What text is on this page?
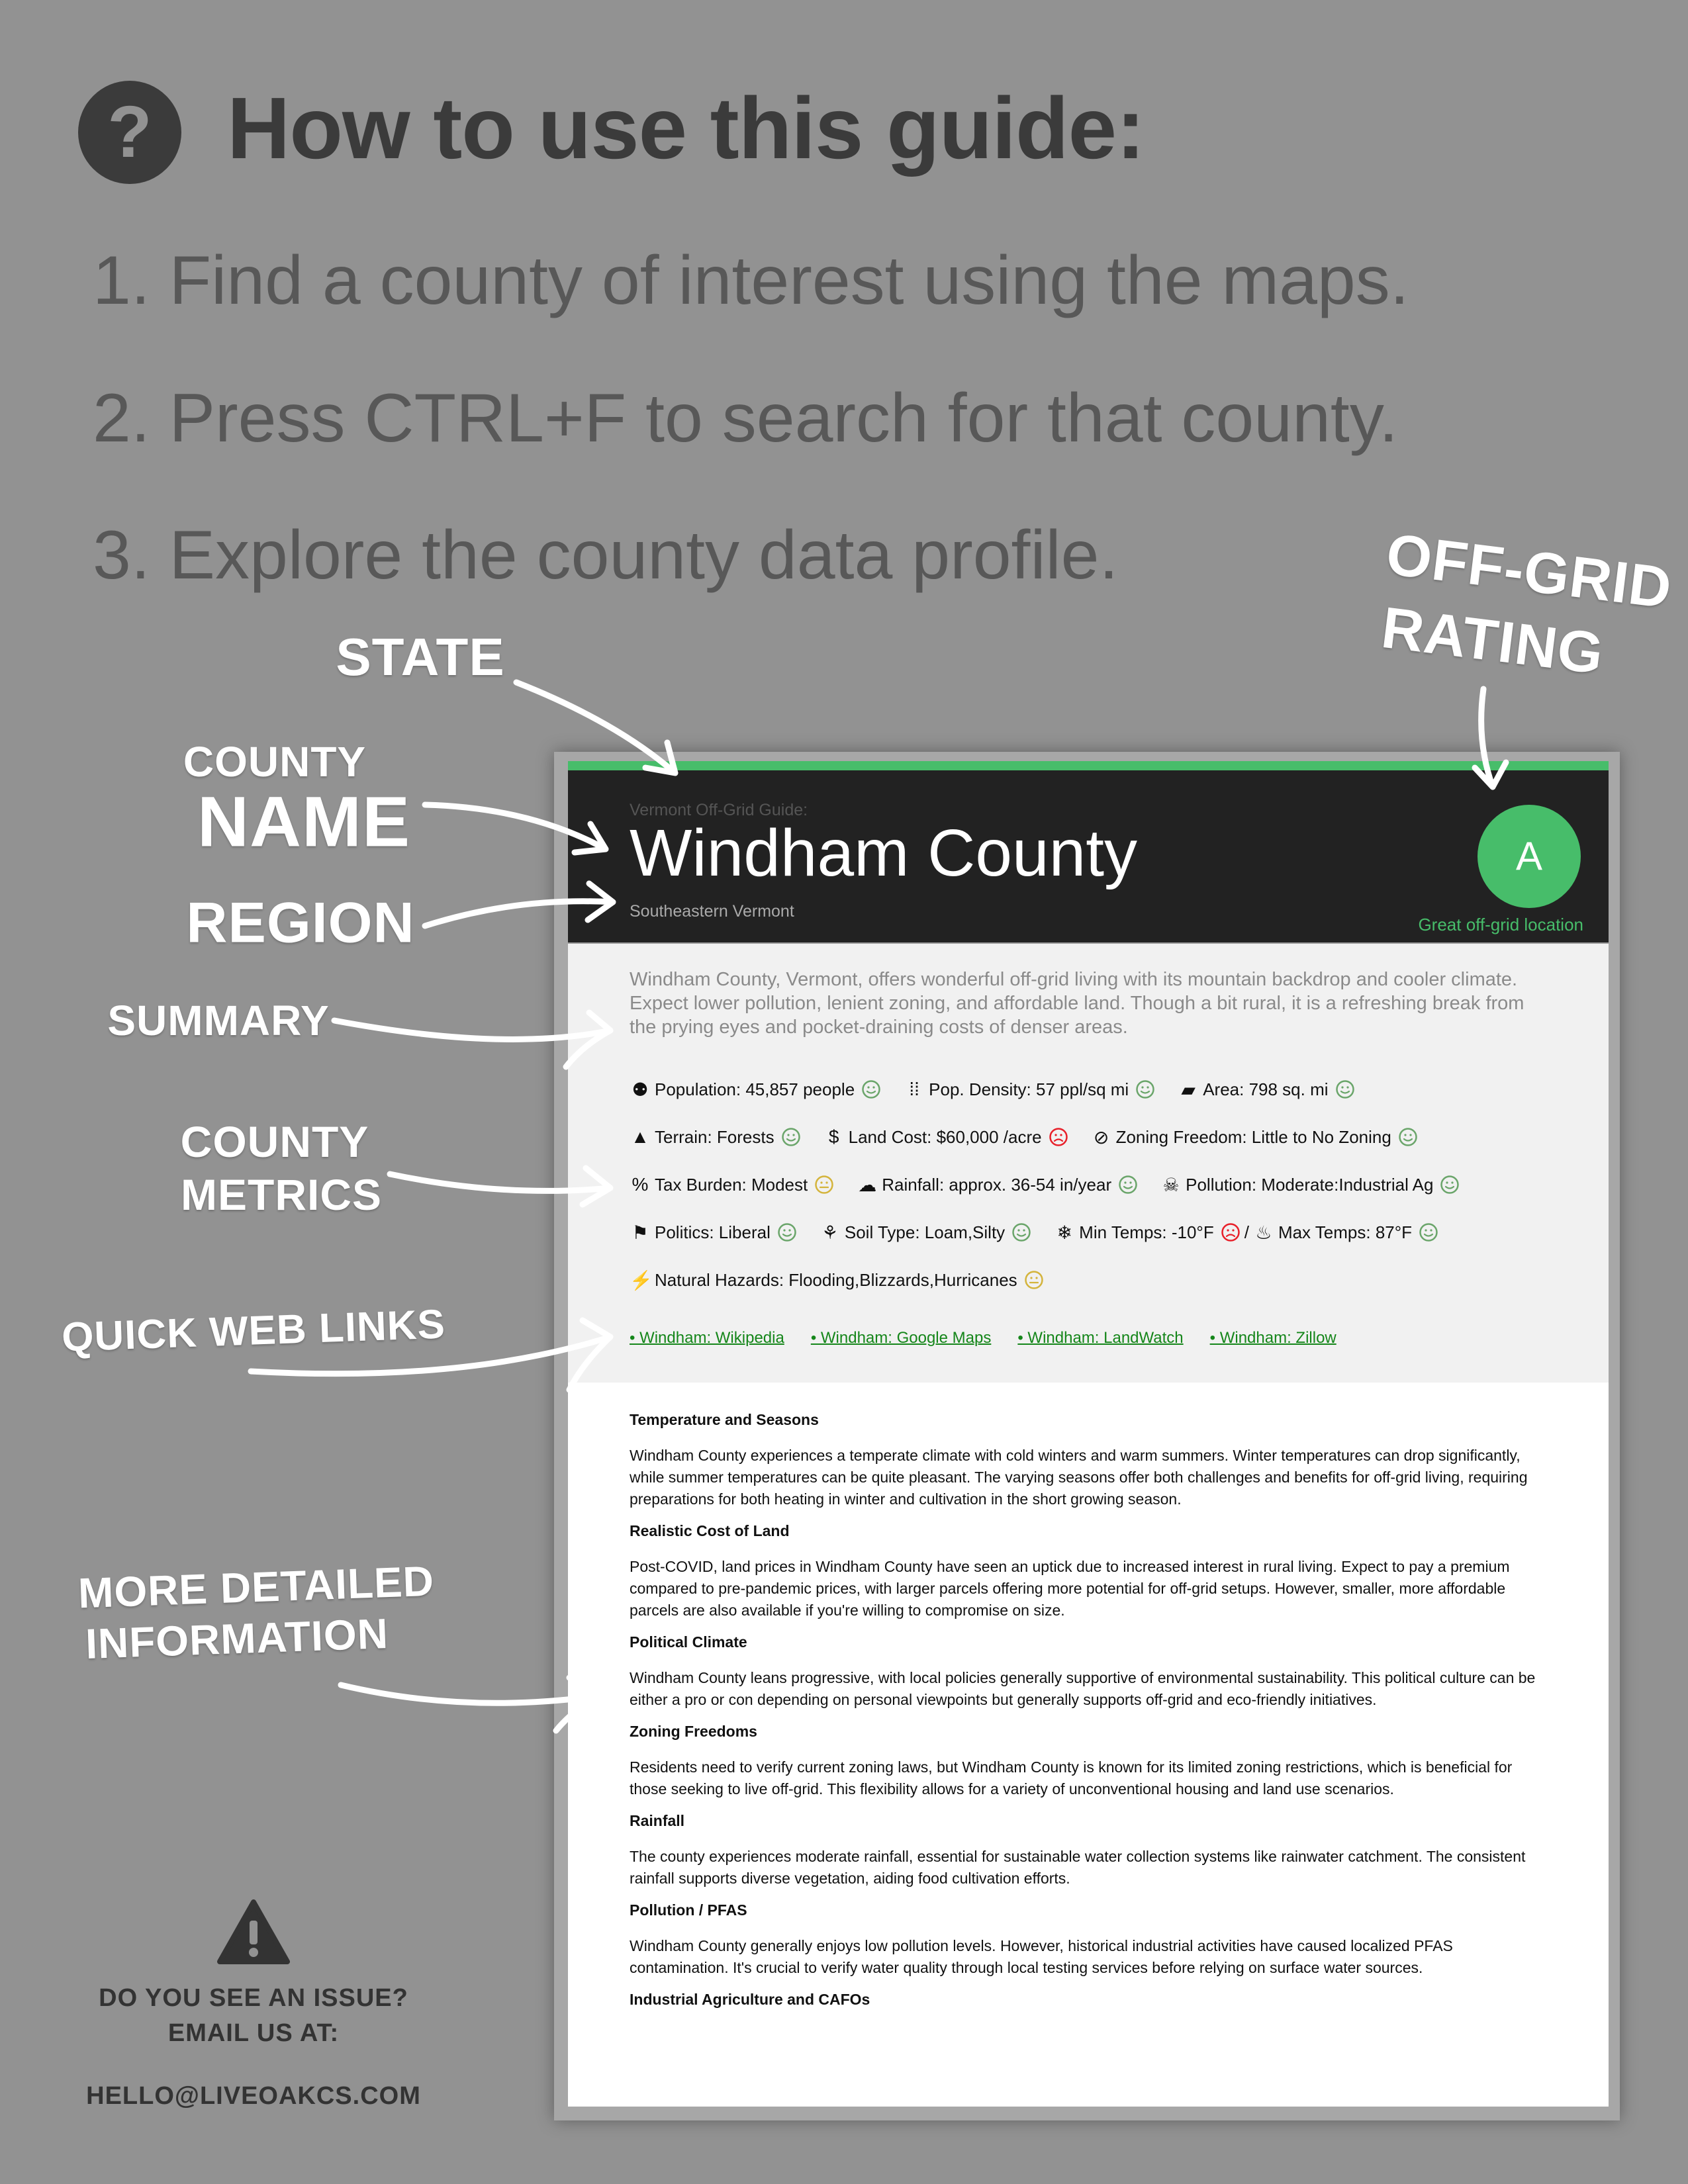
? How to use this guide:
1. Find a county of interest using the maps.
2. Press CTRL+F to search for that county.
3. Explore the county data profile.
Vermont Off-Grid Guide:
Windham County
Southeastern Vermont
A
Great off-grid location
Windham County, Vermont, offers wonderful off-grid living with its mountain backdrop and cooler climate. Expect lower pollution, lenient zoning, and affordable land. Though a bit rural, it is a refreshing break from the prying eyes and pocket-draining costs of denser areas.
⚉ Population: 45,857 people	⁞⁞ Pop. Density: 57 ppl/sq mi	▰ Area: 798 sq. mi
▲ Terrain: Forests	$ Land Cost: $60,000 /acre	⊘ Zoning Freedom: Little to No Zoning
% Tax Burden: Modest	☁ Rainfall: approx. 36-54 in/year	☠ Pollution: Moderate:Industrial Ag
⚑ Politics: Liberal	⚘ Soil Type: Loam,Silty	❄ Min Temps: -10°F / ♨ Max Temps: 87°F
⚡ Natural Hazards: Flooding,Blizzards,Hurricanes
• Windham: Wikipedia • Windham: Google Maps • Windham: LandWatch • Windham: Zillow
Temperature and Seasons

Windham County experiences a temperate climate with cold winters and warm summers. Winter temperatures can drop significantly, while summer temperatures can be quite pleasant. The varying seasons offer both challenges and benefits for off-grid living, requiring preparations for both heating in winter and cultivation in the short growing season.

Realistic Cost of Land

Post-COVID, land prices in Windham County have seen an uptick due to increased interest in rural living. Expect to pay a premium compared to pre-pandemic prices, with larger parcels offering more potential for off-grid setups. However, smaller, more affordable parcels are also available if you're willing to compromise on size.

Political Climate

Windham County leans progressive, with local policies generally supportive of environmental sustainability. This political culture can be either a pro or con depending on personal viewpoints but generally supports off-grid and eco-friendly initiatives.

Zoning Freedoms

Residents need to verify current zoning laws, but Windham County is known for its limited zoning restrictions, which is beneficial for those seeking to live off-grid. This flexibility allows for a variety of unconventional housing and land use scenarios.

Rainfall

The county experiences moderate rainfall, essential for sustainable water collection systems like rainwater catchment. The consistent rainfall supports diverse vegetation, aiding food cultivation efforts.

Pollution / PFAS

Windham County generally enjoys low pollution levels. However, historical industrial activities have caused localized PFAS contamination. It's crucial to verify water quality through local testing services before relying on surface water sources.

Industrial Agriculture and CAFOs
STATE
COUNTY
NAME
REGION
SUMMARY
COUNTY
METRICS
QUICK WEB LINKS
MORE DETAILED
INFORMATION
OFF-GRID
RATING
DO YOU SEE AN ISSUE?
EMAIL US AT:
HELLO@LIVEOAKCS.COM
